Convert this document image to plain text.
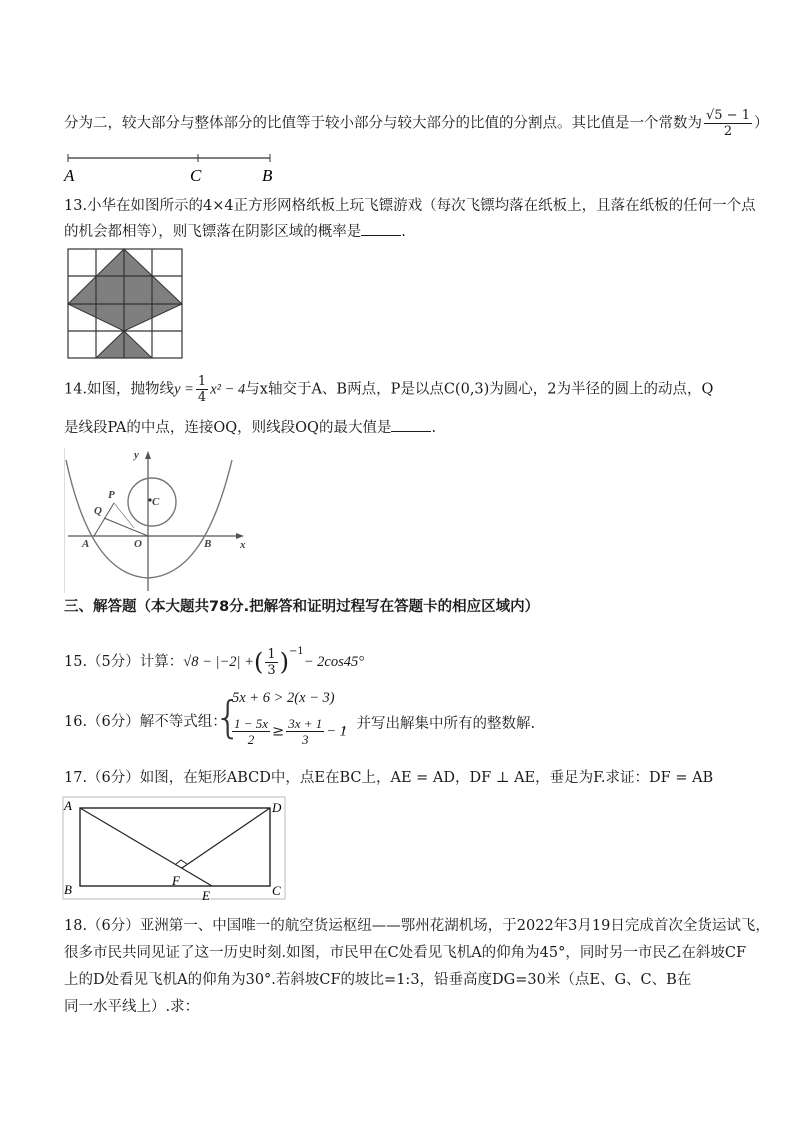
分为二，较大部分与整体部分的比值等于较小部分与较大部分的比值的分割点。其比值是一个常数为 $\frac{√5 - 1}{2}$ ）
A	C	B
13.小华在如图所示的4×4正方形网格纸板上玩飞镖游戏（每次飞镖均落在纸板上，且落在纸板的任何一个点
的机会都相等），则飞镖落在阴影区域的概率是	.
14.如图，抛物线$y = \frac{1}{4} x^2 - 4$与x轴交于A、B两点，P是以点C(0,3)为圆心，2为半径的圆上的动点，Q
是线段PA的中点，连接OQ，则线段OQ的最大值是	.
y
x
P
C
Q
A	O	B
三、解答题（本大题共78分.把解答和证明过程写在答题卡的相应区域内）
15.（5分）计算：√8 − |−2| +( $\frac{1}{3} )^{-1}- 2\cos 45^\circ$
16.（6分）解不等式组：
{
5x + 6 > 2(x − 3)
$\frac{1 - 5x}{2} \ge \frac{3x + 1}{3} - 1$
，并写出解集中所有的整数解.
17.（6分）如图，在矩形ABCD中，点E在BC上，AE = AD，DF ⊥ AE，垂足为F.求证：DF = AB
A	D
B	C
F
E
18.（6分）亚洲第一、中国唯一的航空货运枢纽——鄂州花湖机场，于2022年3月19日完成首次全货运试飞，
很多市民共同见证了这一历史时刻.如图，市民甲在C处看见飞机A的仰角为45°，同时另一市民乙在斜坡CF
上的D处看见飞机A的仰角为30°.若斜坡CF的坡比=1:3，铅垂高度DG=30米（点E、G、C、B在
同一水平线上）.求：
